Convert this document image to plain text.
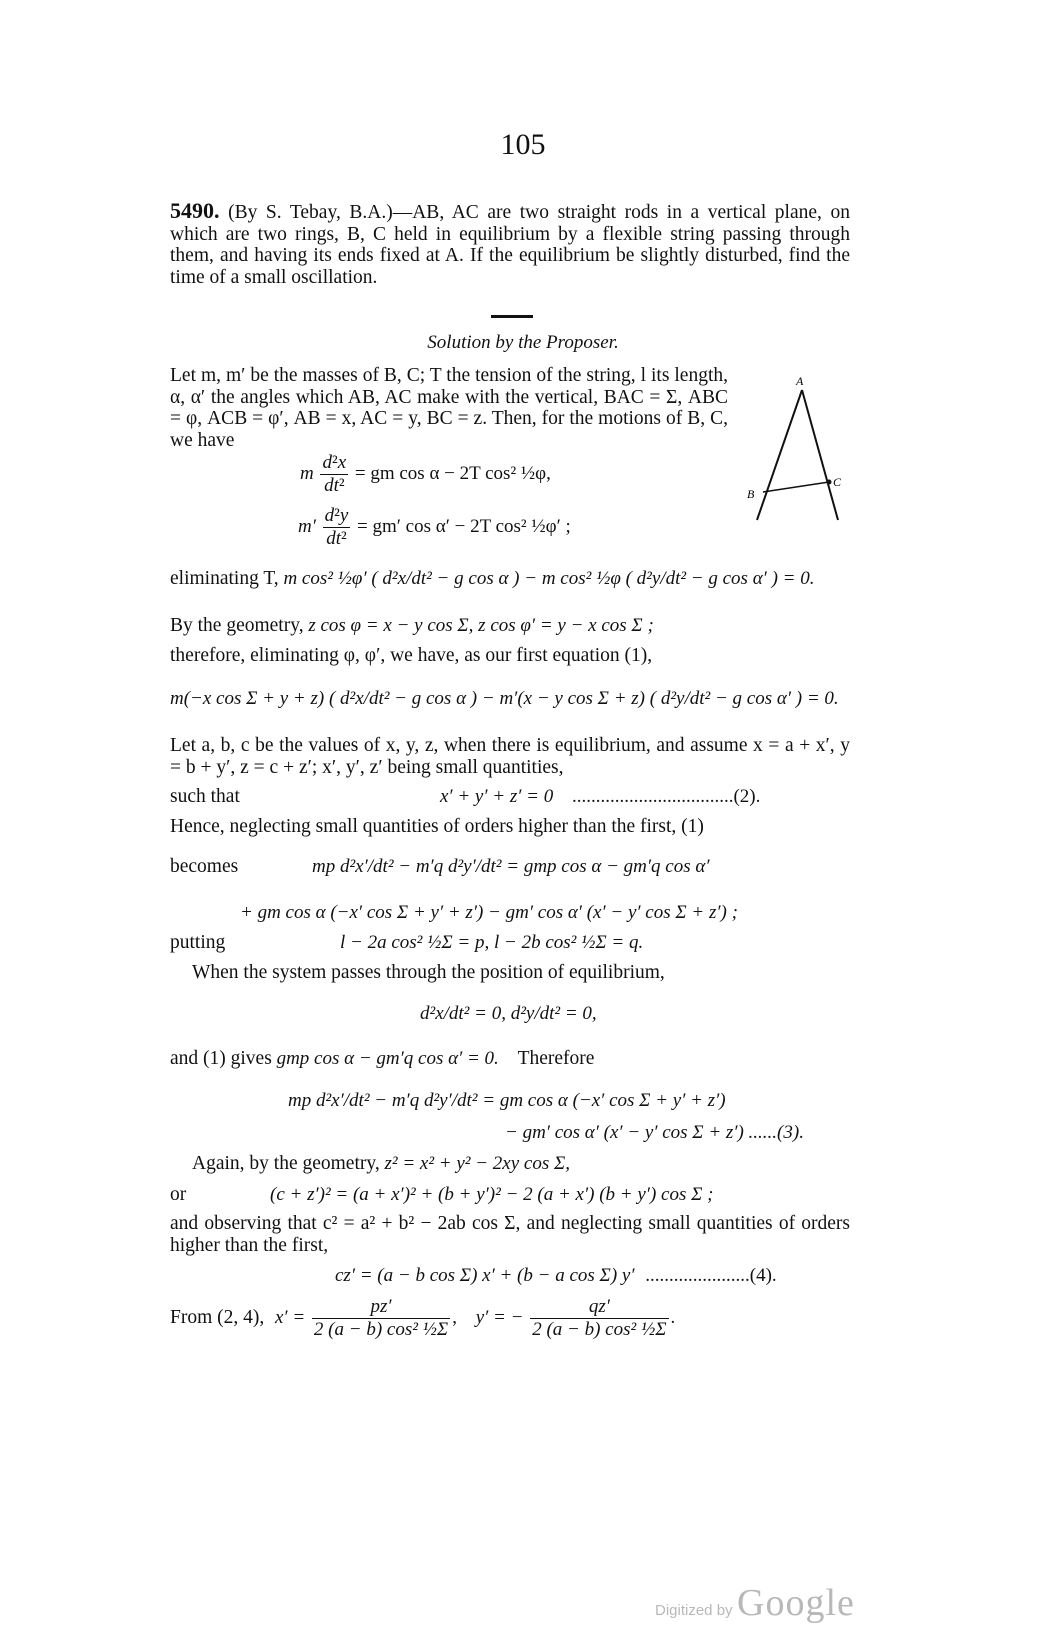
105
5490. (By S. Tebay, B.A.)—AB, AC are two straight rods in a vertical plane, on which are two rings, B, C held in equilibrium by a flexible string passing through them, and having its ends fixed at A. If the equilibrium be slightly disturbed, find the time of a small oscillation.
Solution by the Proposer.
Let m, m′ be the masses of B, C; T the tension of the string, l its length, α, α′ the angles which AB, AC make with the vertical, BAC = Σ, ABC = φ, ACB = φ′, AB = x, AC = y, BC = z. Then, for the motions of B, C, we have
A
B
C
m $\frac{\text{d²x}}{\text{dt²}}$ = gm cos α − 2T cos² ½φ,
$m' \frac{\text{d²y}}{\text{dt²}} = gm'$ cos α′ − 2T cos² ½φ′ ;
eliminating T, m cos² ½φ′ ( d²x/dt² − g cos α ) − m cos² ½φ ( d²y/dt² − g cos α′ ) = 0.
By the geometry, z cos φ = x − y cos Σ, z cos φ′ = y − x cos Σ ;
therefore, eliminating φ, φ′, we have, as our first equation (1),
m(−x cos Σ + y + z) ( d²x/dt² − g cos α ) − m′(x − y cos Σ + z) ( d²y/dt² − g cos α′ ) = 0.
Let a, b, c be the values of x, y, z, when there is equilibrium, and assume x = a + x′, y = b + y′, z = c + z′; x′, y′, z′ being small quantities,
such that	x′ + y′ + z′ = 0 ..................................(2).
Hence, neglecting small quantities of orders higher than the first, (1)
becomes	mp d²x′/dt² − m′q d²y′/dt² = gmp cos α − gm′q cos α′
+ gm cos α (−x′ cos Σ + y′ + z′) − gm′ cos α′ (x′ − y′ cos Σ + z′) ;
putting	l − 2a cos² ½Σ = p, l − 2b cos² ½Σ = q.
When the system passes through the position of equilibrium,
d²x/dt² = 0, d²y/dt² = 0,
and (1) gives gmp cos α − gm′q cos α′ = 0. Therefore
mp d²x′/dt² − m′q d²y′/dt² = gm cos α (−x′ cos Σ + y′ + z′)
− gm′ cos α′ (x′ − y′ cos Σ + z′) ......(3).
Again, by the geometry, z² = x² + y² − 2xy cos Σ,
or	(c + z′)² = (a + x′)² + (b + y′)² − 2 (a + x′) (b + y′) cos Σ ;
and observing that c² = a² + b² − 2ab cos Σ, and neglecting small quantities of orders higher than the first,
cz′ = (a − b cos Σ) x′ + (b − a cos Σ) y′ ......................(4).
From (2, 4), $x' = \frac{pz'}{\text{2 (a − b) cos² ½Σ}}$ , y′ = − $\frac{qz'}{\text{2 (a − b) cos² ½Σ}}$ .
Digitized by Google
